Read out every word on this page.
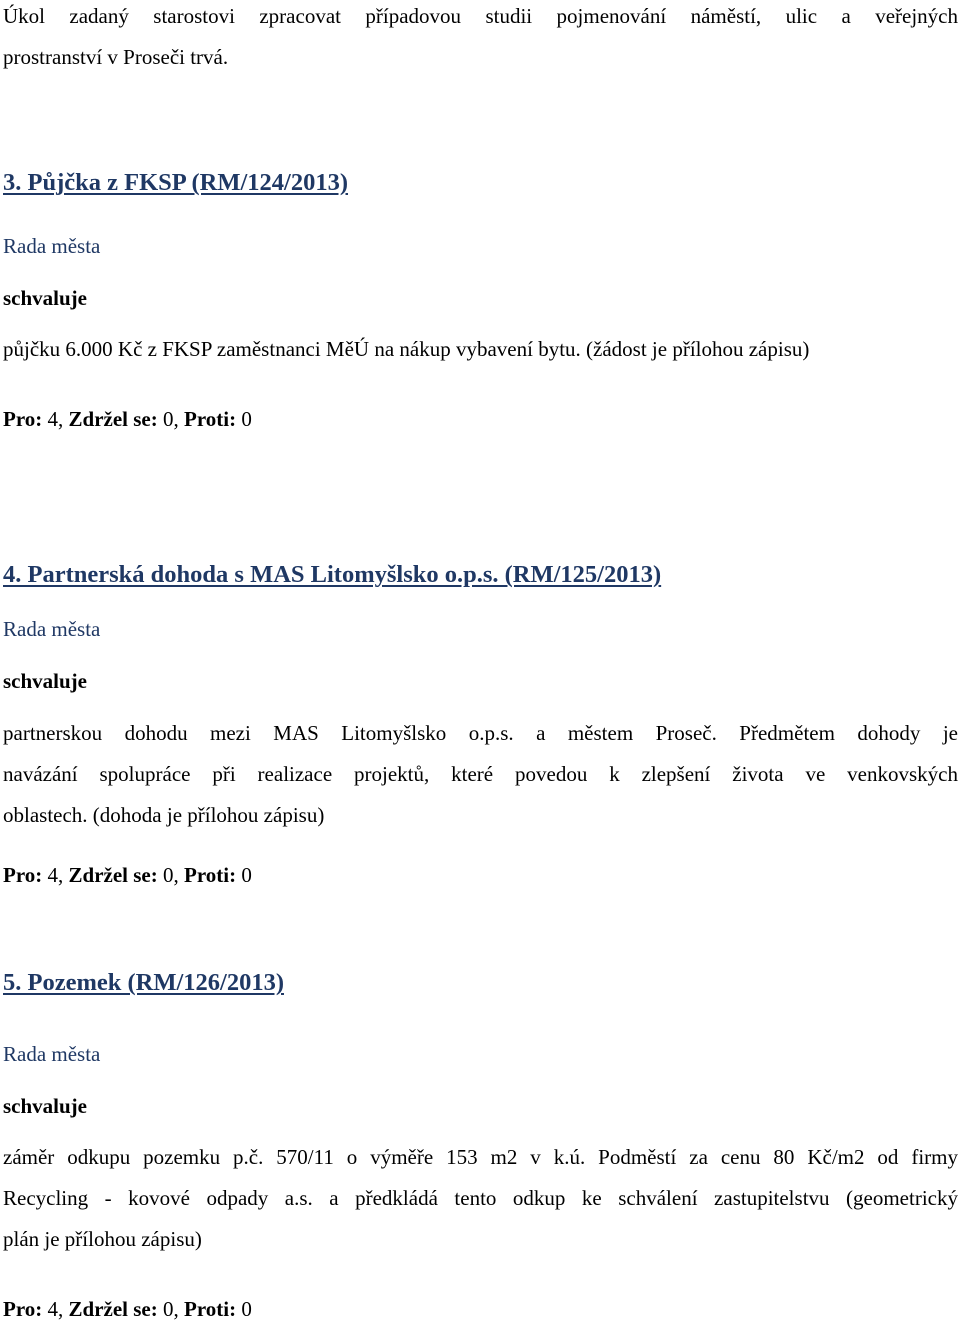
Úkol zadaný starostovi zpracovat případovou studii pojmenování náměstí, ulic a veřejných
prostranství v Proseči trvá.
3. Půjčka z FKSP (RM/124/2013)
Rada města
schvaluje
půjčku 6.000 Kč z FKSP zaměstnanci MěÚ na nákup vybavení bytu. (žádost je přílohou zápisu)
Pro: 4, Zdržel se: 0, Proti: 0
4. Partnerská dohoda s MAS Litomyšlsko o.p.s. (RM/125/2013)
Rada města
schvaluje
partnerskou dohodu mezi MAS Litomyšlsko o.p.s. a městem Proseč. Předmětem dohody je
navázání spolupráce při realizace projektů, které povedou k zlepšení života ve venkovských
oblastech. (dohoda je přílohou zápisu)
Pro: 4, Zdržel se: 0, Proti: 0
5. Pozemek (RM/126/2013)
Rada města
schvaluje
záměr odkupu pozemku p.č. 570/11 o výměře 153 m2 v k.ú. Podměstí za cenu 80 Kč/m2 od firmy
Recycling - kovové odpady a.s. a předkládá tento odkup ke schválení zastupitelstvu (geometrický
plán je přílohou zápisu)
Pro: 4, Zdržel se: 0, Proti: 0
